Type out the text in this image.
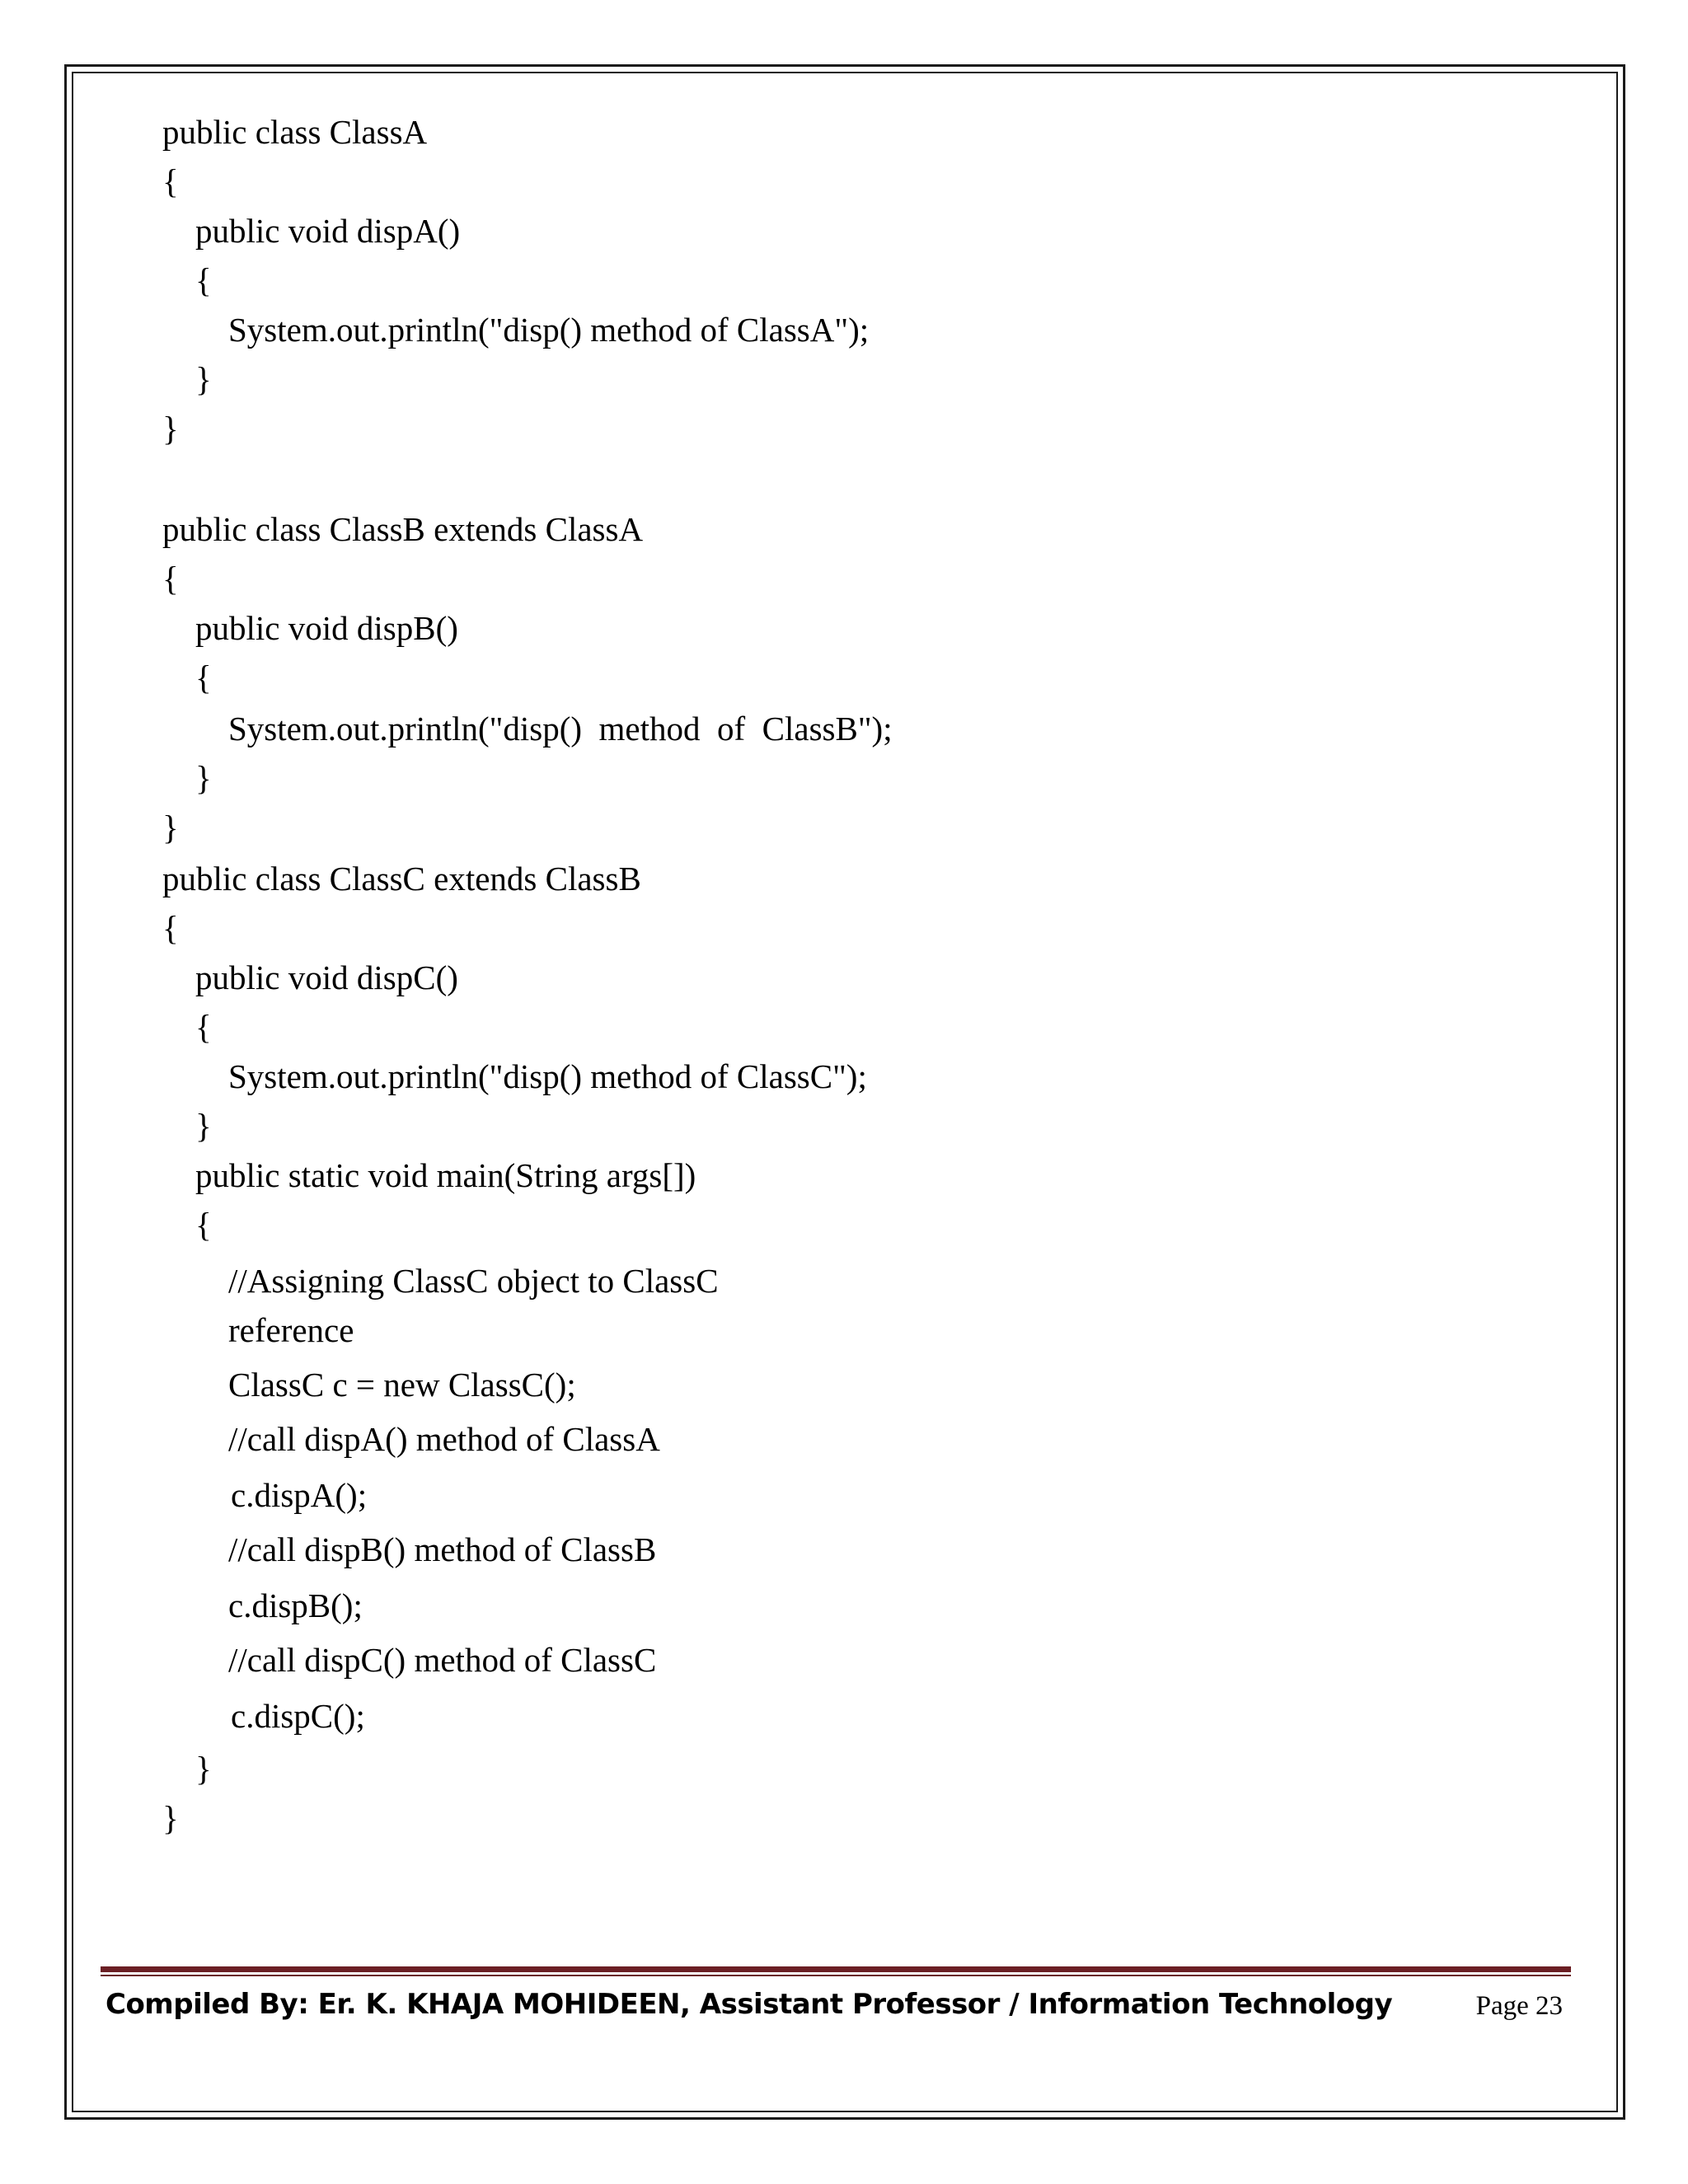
public class ClassA
{
public void dispA()
{
System.out.println("disp() method of ClassA");
}
}
public class ClassB extends ClassA
{
public void dispB()
{
System.out.println("disp()  method  of  ClassB");
}
}
public class ClassC extends ClassB
{
public void dispC()
{
System.out.println("disp() method of ClassC");
}
public static void main(String args[])
{
//Assigning ClassC object to ClassC
reference
ClassC c = new ClassC();
//call dispA() method of ClassA
c.dispA();
//call dispB() method of ClassB
c.dispB();
//call dispC() method of ClassC
c.dispC();
}
}
Compiled By: Er. K. KHAJA MOHIDEEN, Assistant Professor / Information Technology	Page 23
